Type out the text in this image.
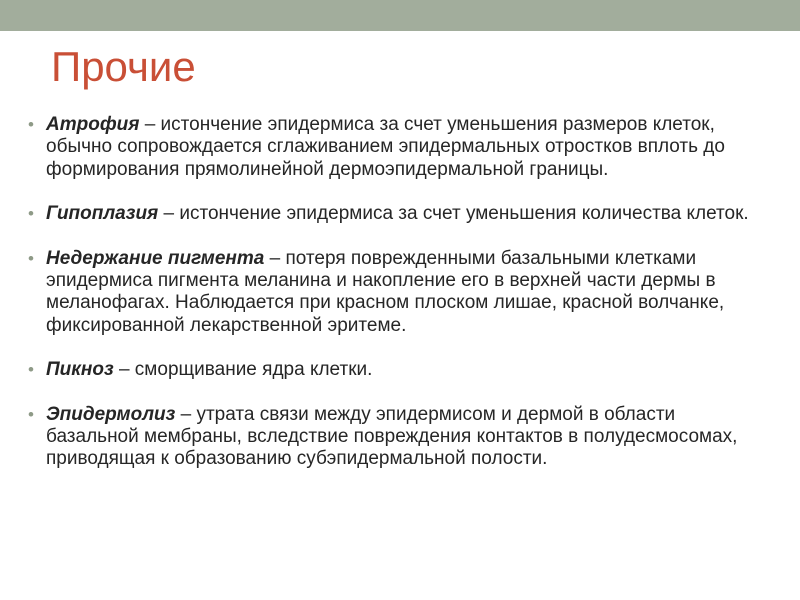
Прочие
• Атрофия – истончение эпидермиса за счет уменьшения размеров клеток, обычно сопровождается сглаживанием эпидермальных отростков вплоть до формирования прямолинейной дермоэпидермальной границы.
• Гипоплазия – истончение эпидермиса за счет уменьшения количества клеток.
• Недержание пигмента – потеря поврежденными базальными клетками эпидермиса пигмента меланина и накопление его в верхней части дермы в меланофагах. Наблюдается при красном плоском лишае, красной волчанке, фиксированной лекарственной эритеме.
• Пикноз – сморщивание ядра клетки.
• Эпидермолиз – утрата связи между эпидермисом и дермой в области базальной мембраны, вследствие повреждения контактов в полудесмосомах, приводящая к образованию субэпидермальной полости.
